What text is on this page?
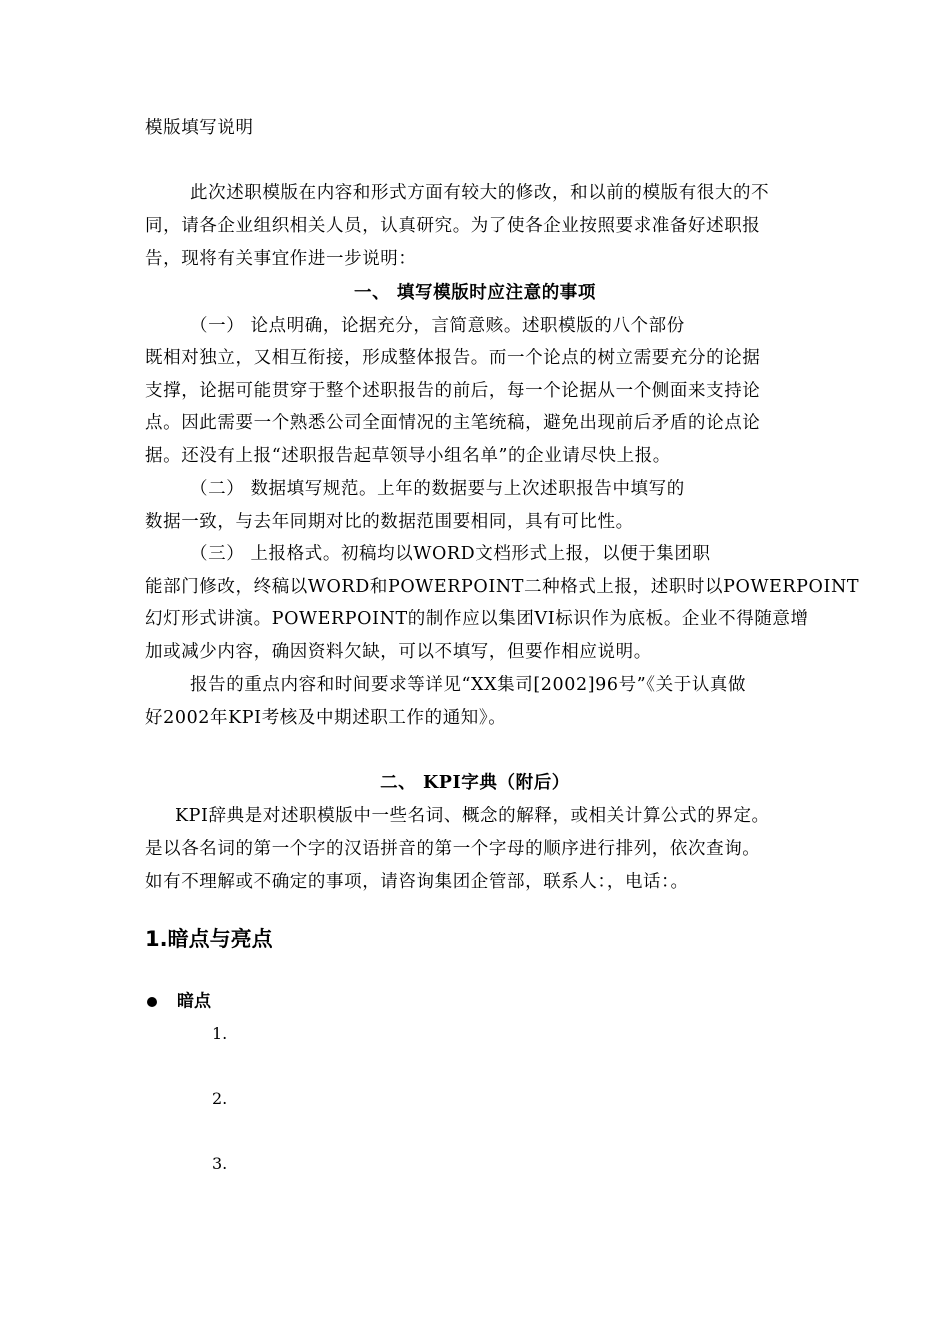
模版填写说明
此次述职模版在内容和形式方面有较大的修改，和以前的模版有很大的不
同，请各企业组织相关人员，认真研究。为了使各企业按照要求准备好述职报
告，现将有关事宜作进一步说明：
一、 填写模版时应注意的事项
（一） 论点明确，论据充分，言简意赅。述职模版的八个部份
既相对独立，又相互衔接，形成整体报告。而一个论点的树立需要充分的论据
支撑，论据可能贯穿于整个述职报告的前后，每一个论据从一个侧面来支持论
点。因此需要一个熟悉公司全面情况的主笔统稿，避免出现前后矛盾的论点论
据。还没有上报“述职报告起草领导小组名单”的企业请尽快上报。
（二） 数据填写规范。上年的数据要与上次述职报告中填写的
数据一致，与去年同期对比的数据范围要相同，具有可比性。
（三） 上报格式。初稿均以WORD文档形式上报，以便于集团职
能部门修改，终稿以WORD和POWERPOINT二种格式上报，述职时以POWERPOINT
幻灯形式讲演。POWERPOINT的制作应以集团VI标识作为底板。企业不得随意增
加或减少内容，确因资料欠缺，可以不填写，但要作相应说明。
报告的重点内容和时间要求等详见“XX集司[2002]96号”《关于认真做
好2002年KPI考核及中期述职工作的通知》。
二、 KPI字典（附后）
KPI辞典是对述职模版中一些名词、概念的解释，或相关计算公式的界定。
是以各名词的第一个字的汉语拼音的第一个字母的顺序进行排列，依次查询。
如有不理解或不确定的事项，请咨询集团企管部，联系人：，电话：。
1.暗点与亮点
暗点
1.
2.
3.
